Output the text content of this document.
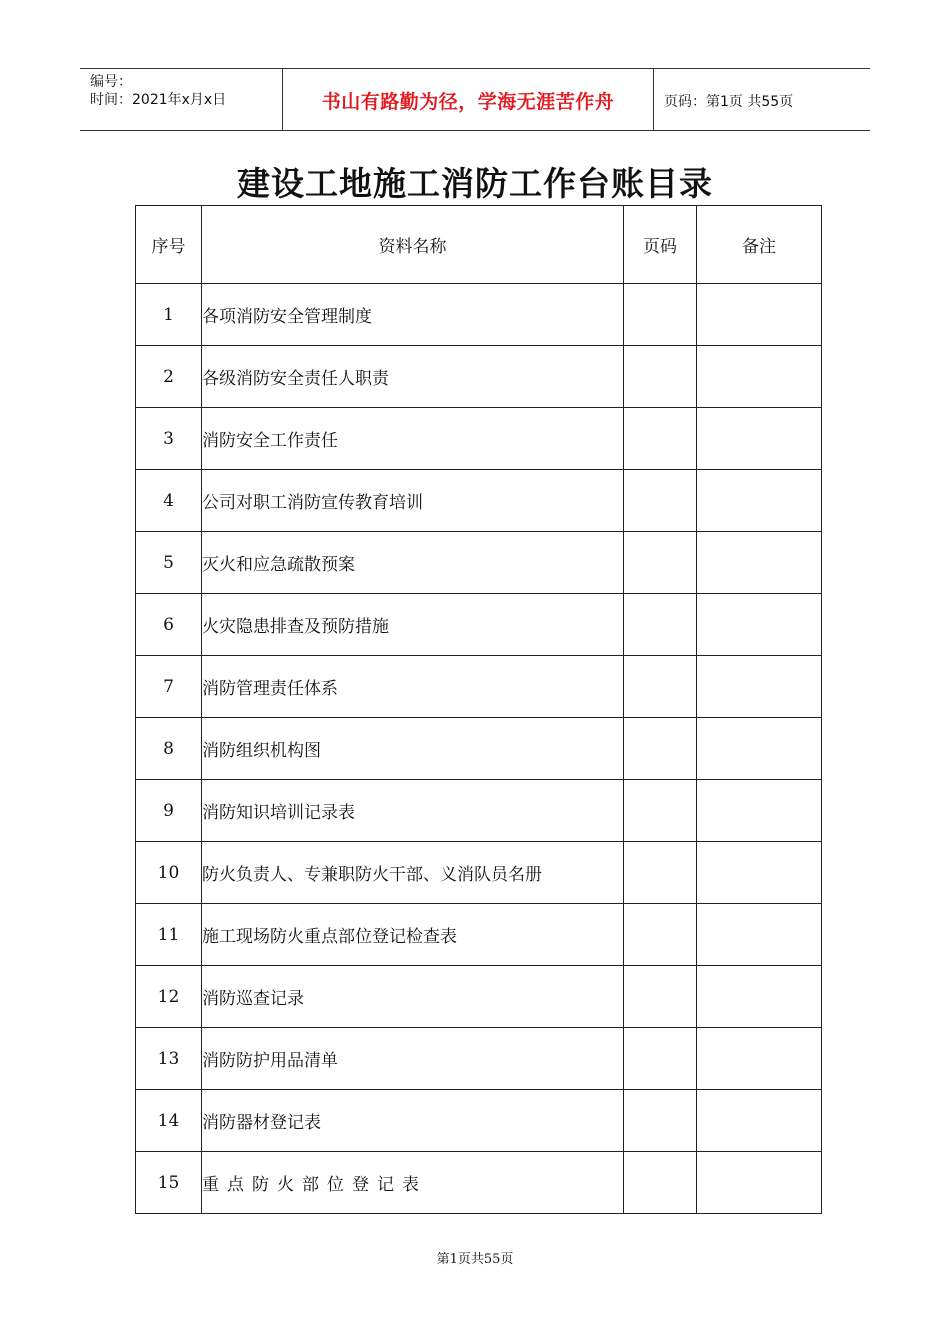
编号：
时间：2021年x月x日	书山有路勤为径，学海无涯苦作舟	页码：第1页 共55页
建设工地施工消防工作台账目录
序号	资料名称	页码	备注
1	各项消防安全管理制度		
2	各级消防安全责任人职责		
3	消防安全工作责任		
4	公司对职工消防宣传教育培训		
5	灭火和应急疏散预案		
6	火灾隐患排查及预防措施		
7	消防管理责任体系		
8	消防组织机构图		
9	消防知识培训记录表		
10	防火负责人、专兼职防火干部、义消队员名册		
11	施工现场防火重点部位登记检查表		
12	消防巡查记录		
13	消防防护用品清单		
14	消防器材登记表		
15	重点防火部位登记表		
第1页共55页
